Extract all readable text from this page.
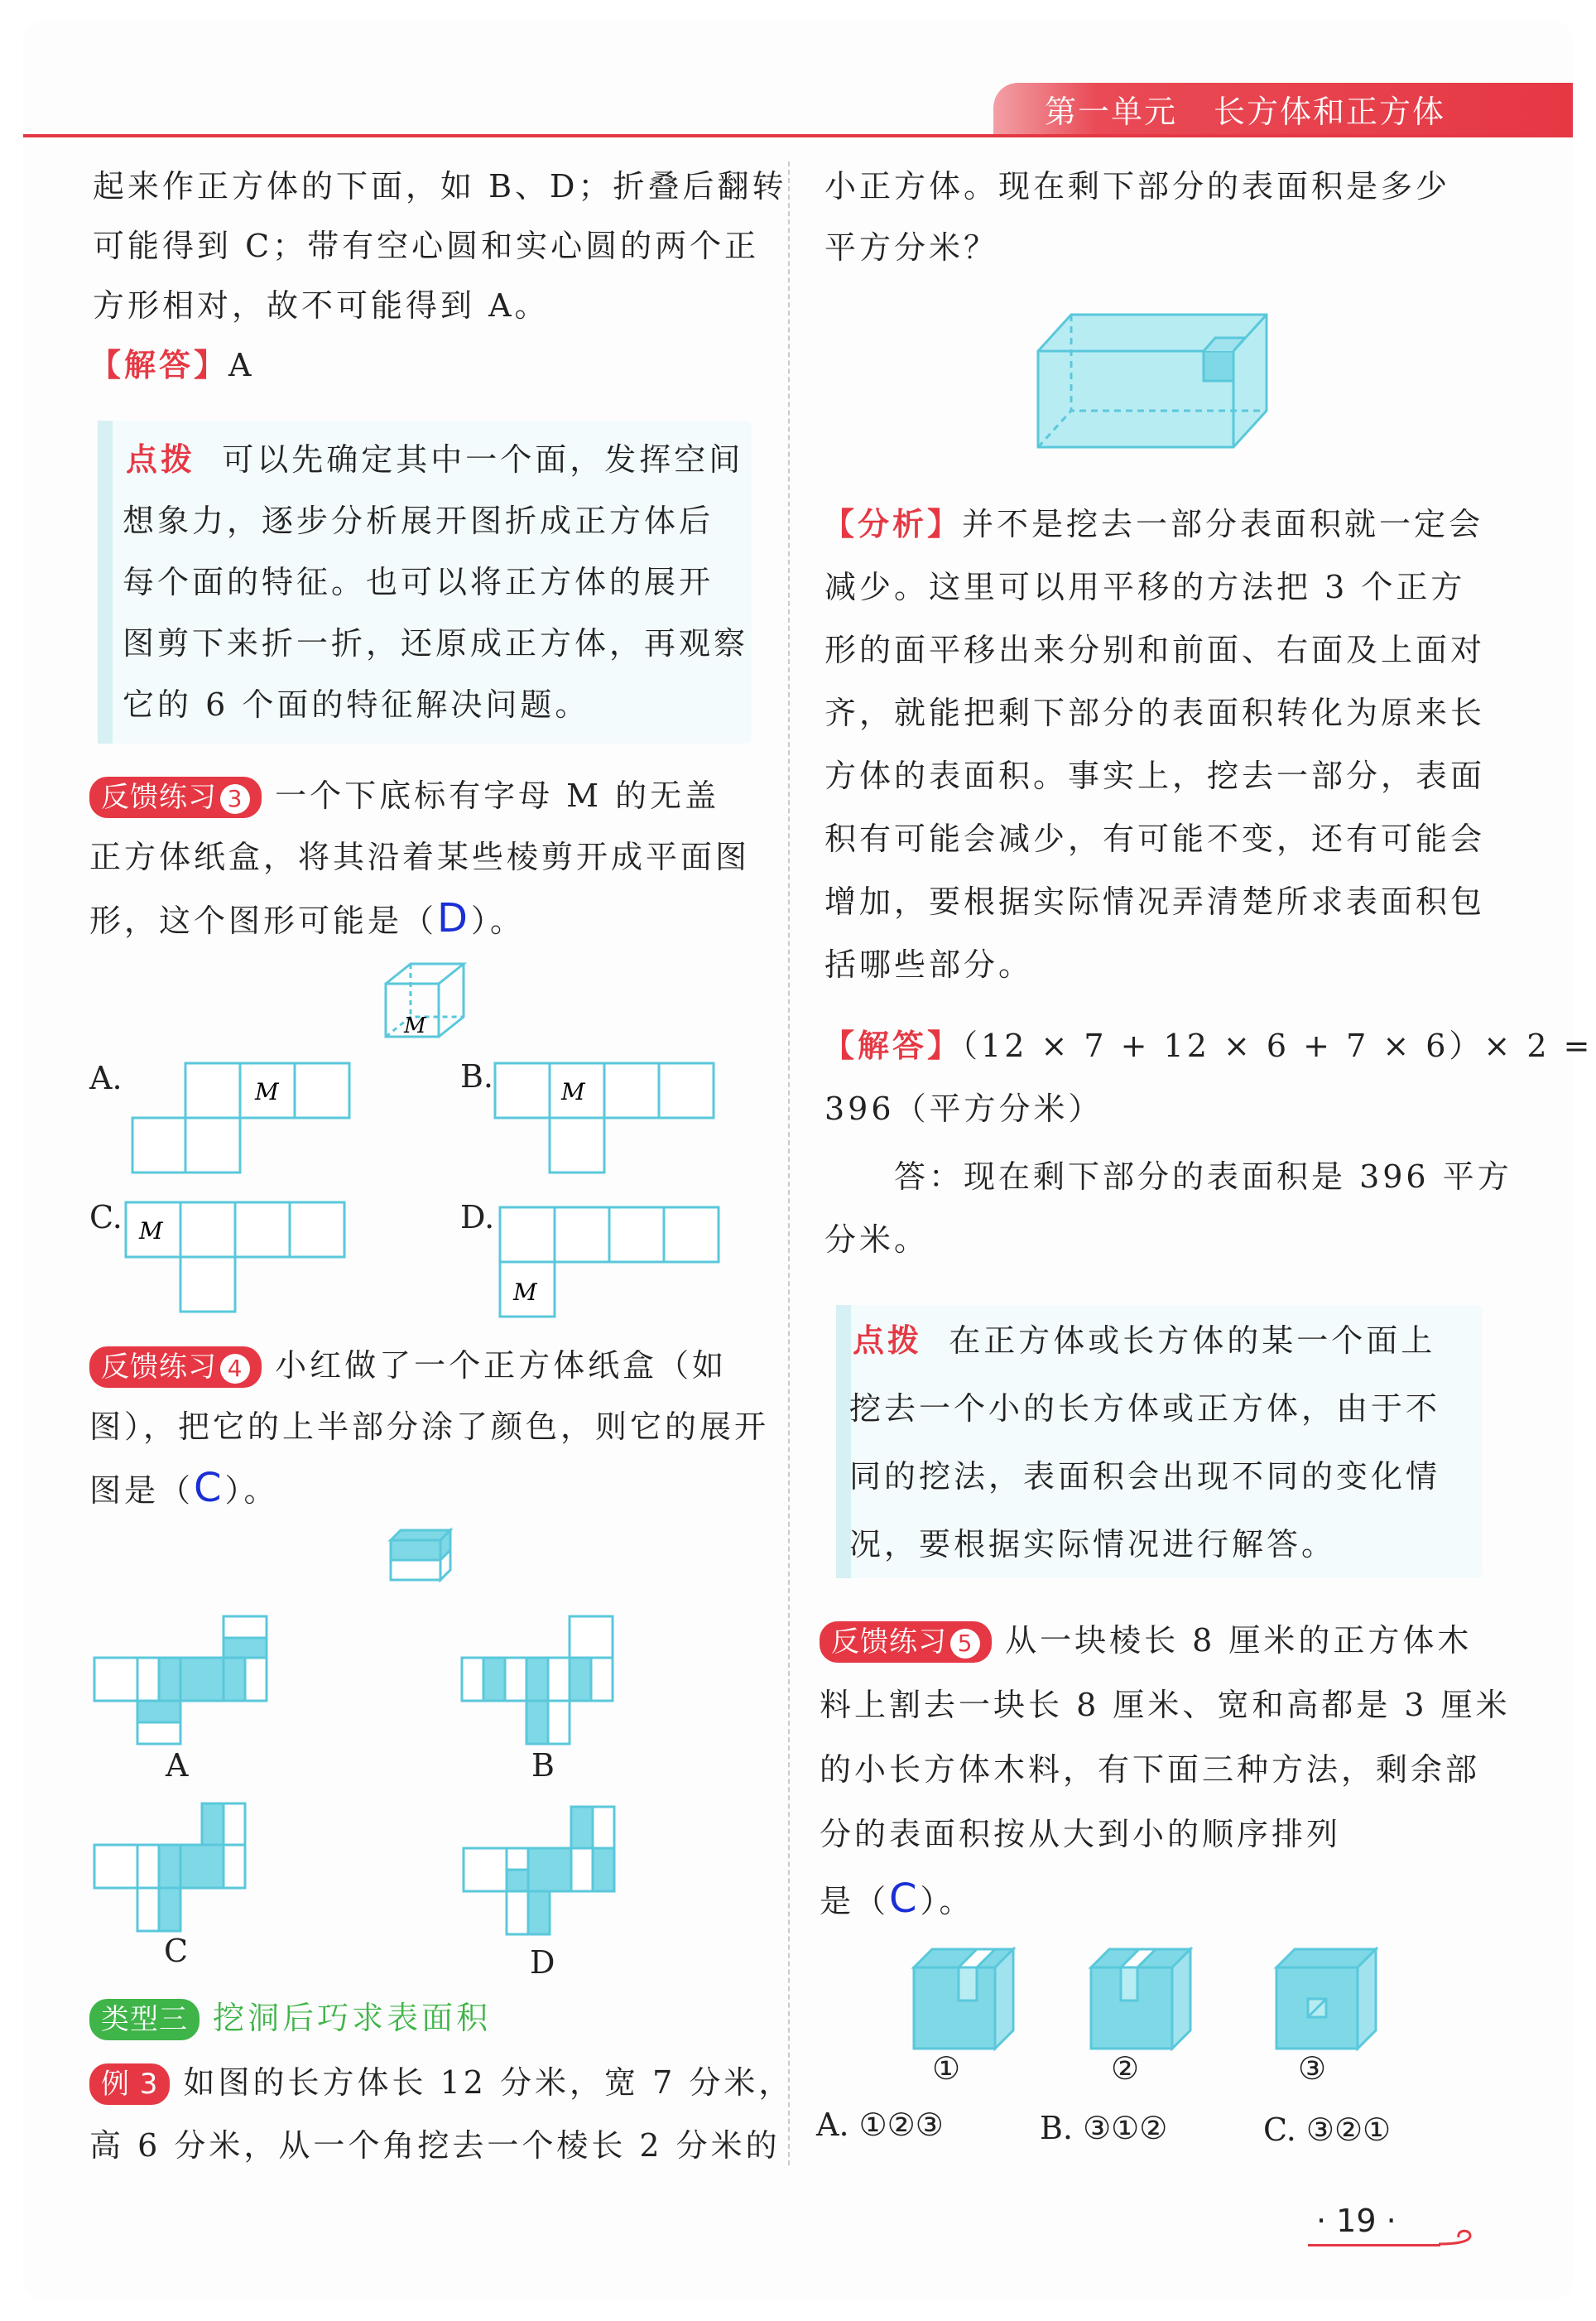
第一单元 长方体和正方体
起来作正方体的下面，如 B、D；折叠后翻转
可能得到 C；带有空心圆和实心圆的两个正
方形相对，故不可能得到 A。
【解答】A
点拨 可以先确定其中一个面，发挥空间
想象力，逐步分析展开图折成正方体后
每个面的特征。也可以将正方体的展开
图剪下来折一折，还原成正方体，再观察
它的 6 个面的特征解决问题。
反馈练习 3 一个下底标有字母 M 的无盖
正方体纸盒，将其沿着某些棱剪开成平面图
形，这个图形可能是（D）。
M
A.	M	B.	M
C. M	D.
M
反馈练习 4 小红做了一个正方体纸盒（如
图），把它的上半部分涂了颜色，则它的展开
图是（C）。
A	B
C	D
类型三 挖洞后巧求表面积
例 3 如图的长方体长 12 分米，宽 7 分米，
高 6 分米，从一个角挖去一个棱长 2 分米的
小正方体。现在剩下部分的表面积是多少
平方分米？
【分析】并不是挖去一部分表面积就一定会
减少。这里可以用平移的方法把 3 个正方
形的面平移出来分别和前面、右面及上面对
齐，就能把剩下部分的表面积转化为原来长
方体的表面积。事实上，挖去一部分，表面
积有可能会减少，有可能不变，还有可能会
增加，要根据实际情况弄清楚所求表面积包
括哪些部分。
【解答】（12 × 7 + 12 × 6 + 7 × 6）× 2 =
396（平方分米）
答：现在剩下部分的表面积是 396 平方
分米。
点拨 在正方体或长方体的某一个面上
挖去一个小的长方体或正方体，由于不
同的挖法，表面积会出现不同的变化情
况，要根据实际情况进行解答。
反馈练习 5 从一块棱长 8 厘米的正方体木
料上割去一块长 8 厘米、宽和高都是 3 厘米
的小长方体木料，有下面三种方法，剩余部
分的表面积按从大到小的顺序排列
是（C）。
①	②	③
A. ①②③	B. ③①②	C. ③②①
· 19 ·
